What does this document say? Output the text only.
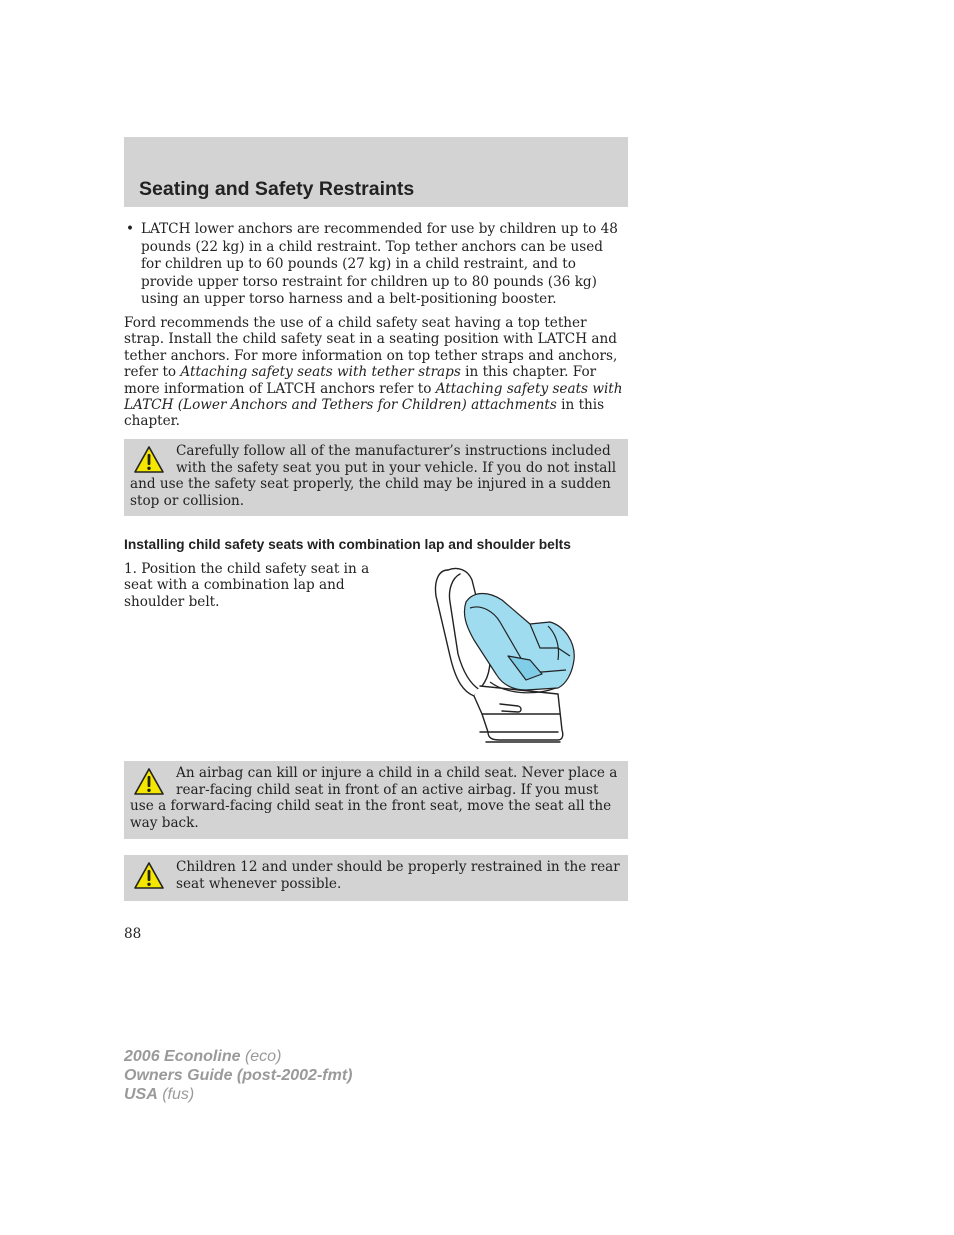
Seating and Safety Restraints
• LATCH lower anchors are recommended for use by children up to 48 pounds (22 kg) in a child restraint. Top tether anchors can be used for children up to 60 pounds (27 kg) in a child restraint, and to provide upper torso restraint for children up to 80 pounds (36 kg) using an upper torso harness and a belt-positioning booster.
Ford recommends the use of a child safety seat having a top tether strap. Install the child safety seat in a seating position with LATCH and tether anchors. For more information on top tether straps and anchors, refer to Attaching safety seats with tether straps in this chapter. For more information of LATCH anchors refer to Attaching safety seats with LATCH (Lower Anchors and Tethers for Children) attachments in this chapter.

Carefully follow all of the manufacturer’s instructions included with the safety seat you put in your vehicle. If you do not install and use the safety seat properly, the child may be injured in a sudden stop or collision.

Installing child safety seats with combination lap and shoulder belts
1. Position the child safety seat in a seat with a combination lap and shoulder belt.

An airbag can kill or injure a child in a child seat. Never place a rear-facing child seat in front of an active airbag. If you must use a forward-facing child seat in the front seat, move the seat all the way back.

Children 12 and under should be properly restrained in the rear seat whenever possible.

88
2006 Econoline (eco)
Owners Guide (post-2002-fmt)
USA (fus)
